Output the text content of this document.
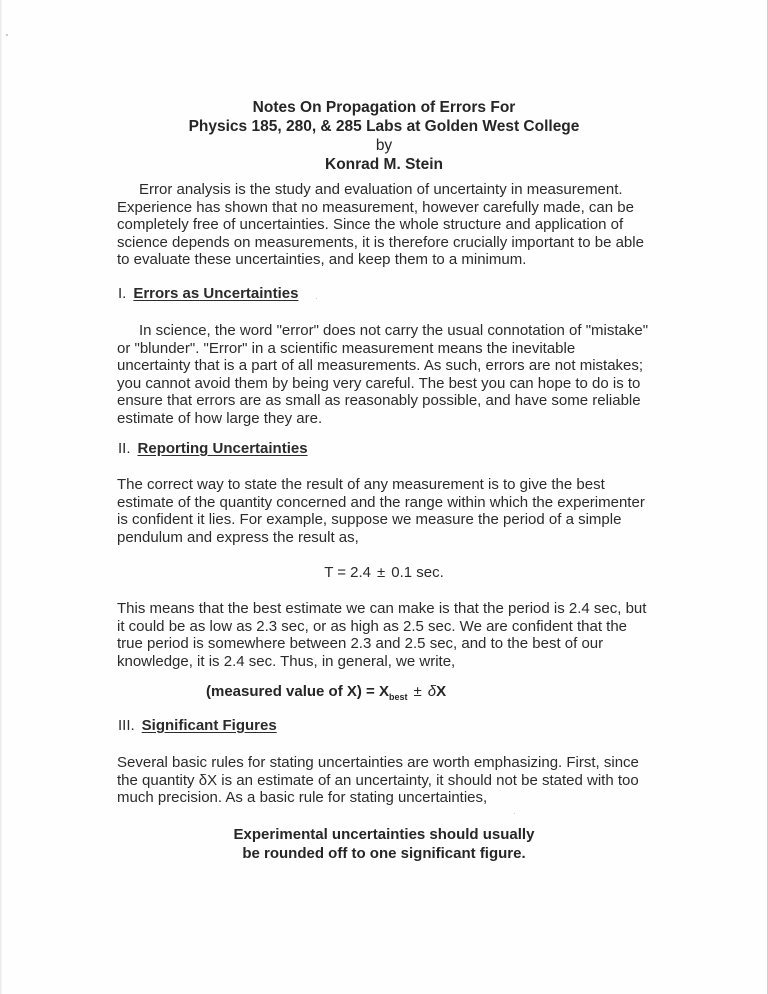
Notes On Propagation of Errors For
Physics 185, 280, & 285 Labs at Golden West College
by
Konrad M. Stein
Error analysis is the study and evaluation of uncertainty in measurement.
Experience has shown that no measurement, however carefully made, can be
completely free of uncertainties. Since the whole structure and application of
science depends on measurements, it is therefore crucially important to be able
to evaluate these uncertainties, and keep them to a minimum.
I. Errors as Uncertainties
In science, the word "error" does not carry the usual connotation of "mistake"
or "blunder". "Error" in a scientific measurement means the inevitable
uncertainty that is a part of all measurements. As such, errors are not mistakes;
you cannot avoid them by being very careful. The best you can hope to do is to
ensure that errors are as small as reasonably possible, and have some reliable
estimate of how large they are.
II. Reporting Uncertainties
The correct way to state the result of any measurement is to give the best
estimate of the quantity concerned and the range within which the experimenter
is confident it lies. For example, suppose we measure the period of a simple
pendulum and express the result as,
T = 2.4 ± 0.1 sec.
This means that the best estimate we can make is that the period is 2.4 sec, but
it could be as low as 2.3 sec, or as high as 2.5 sec. We are confident that the
true period is somewhere between 2.3 and 2.5 sec, and to the best of our
knowledge, it is 2.4 sec. Thus, in general, we write,
(measured value of $X) = X_{best} \pm \delta X$
III. Significant Figures
Several basic rules for stating uncertainties are worth emphasizing. First, since
the quantity δX is an estimate of an uncertainty, it should not be stated with too
much precision. As a basic rule for stating uncertainties,
Experimental uncertainties should usually
be rounded off to one significant figure.
